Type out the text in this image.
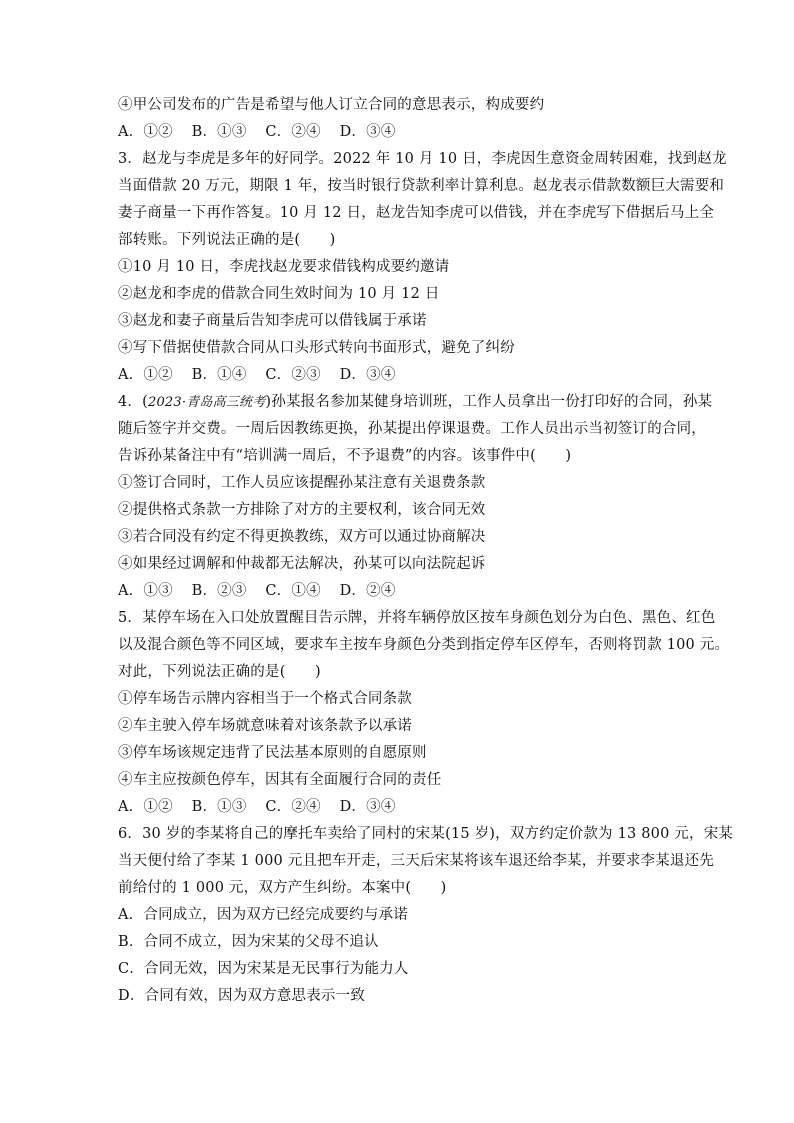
④甲公司发布的广告是希望与他人订立合同的意思表示，构成要约
A．①② B．①③ C．②④ D．③④
3．赵龙与李虎是多年的好同学。2022 年 10 月 10 日，李虎因生意资金周转困难，找到赵龙
当面借款 20 万元，期限 1 年，按当时银行贷款利率计算利息。赵龙表示借款数额巨大需要和
妻子商量一下再作答复。10 月 12 日，赵龙告知李虎可以借钱，并在李虎写下借据后马上全
部转账。下列说法正确的是(　　)
①10 月 10 日，李虎找赵龙要求借钱构成要约邀请
②赵龙和李虎的借款合同生效时间为 10 月 12 日
③赵龙和妻子商量后告知李虎可以借钱属于承诺
④写下借据使借款合同从口头形式转向书面形式，避免了纠纷
A．①② B．①④ C．②③ D．③④
4．(2023·青岛高三统考)孙某报名参加某健身培训班，工作人员拿出一份打印好的合同，孙某
随后签字并交费。一周后因教练更换，孙某提出停课退费。工作人员出示当初签订的合同，
告诉孙某备注中有“培训满一周后，不予退费”的内容。该事件中(　　)
①签订合同时，工作人员应该提醒孙某注意有关退费条款
②提供格式条款一方排除了对方的主要权利，该合同无效
③若合同没有约定不得更换教练，双方可以通过协商解决
④如果经过调解和仲裁都无法解决，孙某可以向法院起诉
A．①③ B．②③ C．①④ D．②④
5．某停车场在入口处放置醒目告示牌，并将车辆停放区按车身颜色划分为白色、黑色、红色
以及混合颜色等不同区域，要求车主按车身颜色分类到指定停车区停车，否则将罚款 100 元。
对此，下列说法正确的是(　　)
①停车场告示牌内容相当于一个格式合同条款
②车主驶入停车场就意味着对该条款予以承诺
③停车场该规定违背了民法基本原则的自愿原则
④车主应按颜色停车，因其有全面履行合同的责任
A．①② B．①③ C．②④ D．③④
6．30 岁的李某将自己的摩托车卖给了同村的宋某(15 岁)，双方约定价款为 13 800 元，宋某
当天便付给了李某 1 000 元且把车开走，三天后宋某将该车退还给李某，并要求李某退还先
前给付的 1 000 元，双方产生纠纷。本案中(　　)
A．合同成立，因为双方已经完成要约与承诺
B．合同不成立，因为宋某的父母不追认
C．合同无效，因为宋某是无民事行为能力人
D．合同有效，因为双方意思表示一致
